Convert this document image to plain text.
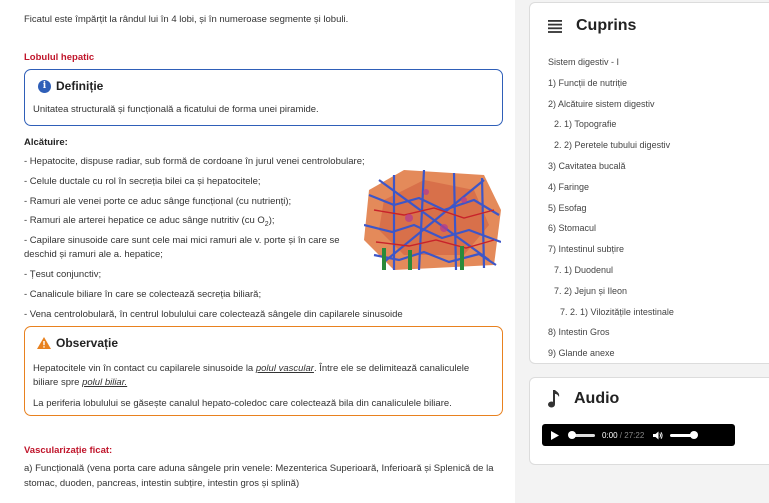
Ficatul este împărțit la rândul lui în 4 lobi, și în numeroase segmente și lobuli.
Lobulul hepatic
i Definiție
Unitatea structurală și funcțională a ficatului de forma unei piramide.
Alcătuire:
- Hepatocite, dispuse radiar, sub formă de cordoane în jurul venei centrolobulare;
- Celule ductale cu rol în secreția bilei ca și hepatocitele;
- Ramuri ale venei porte ce aduc sânge funcțional (cu nutrienți);
- Ramuri ale arterei hepatice ce aduc sânge nutritiv (cu $O_2$);
- Capilare sinusoide care sunt cele mai mici ramuri ale v. porte și în care se
deschid și ramuri ale a. hepatice;
- Țesut conjunctiv;
- Canalicule biliare în care se colectează secreția biliară;
- Vena centrolobulară, în centrul lobulului care colectează sângele din capilarele sinusoide
Observație
Hepatocitele vin în contact cu capilarele sinusoide la polul vascular. Între ele se delimitează canaliculele biliare spre polul biliar.
La periferia lobulului se găsește canalul hepato-coledoc care colectează bila din canaliculele biliare.
Vascularizație ficat:
a) Funcțională (vena porta care aduna sângele prin venele: Mezenterica Superioară, Inferioară și Splenică de la
stomac, duoden, pancreas, intestin subțire, intestin gros și splină)
Cuprins
Sistem digestiv - I
1) Funcții de nutriție
2) Alcătuire sistem digestiv
2. 1) Topografie
2. 2) Peretele tubului digestiv
3) Cavitatea bucală
4) Faringe
5) Esofag
6) Stomacul
7) Intestinul subțire
7. 1) Duodenul
7. 2) Jejun și Ileon
7. 2. 1) Vilozitățile intestinale
8) Intestin Gros
9) Glande anexe
Audio
0:00 / 27:22
